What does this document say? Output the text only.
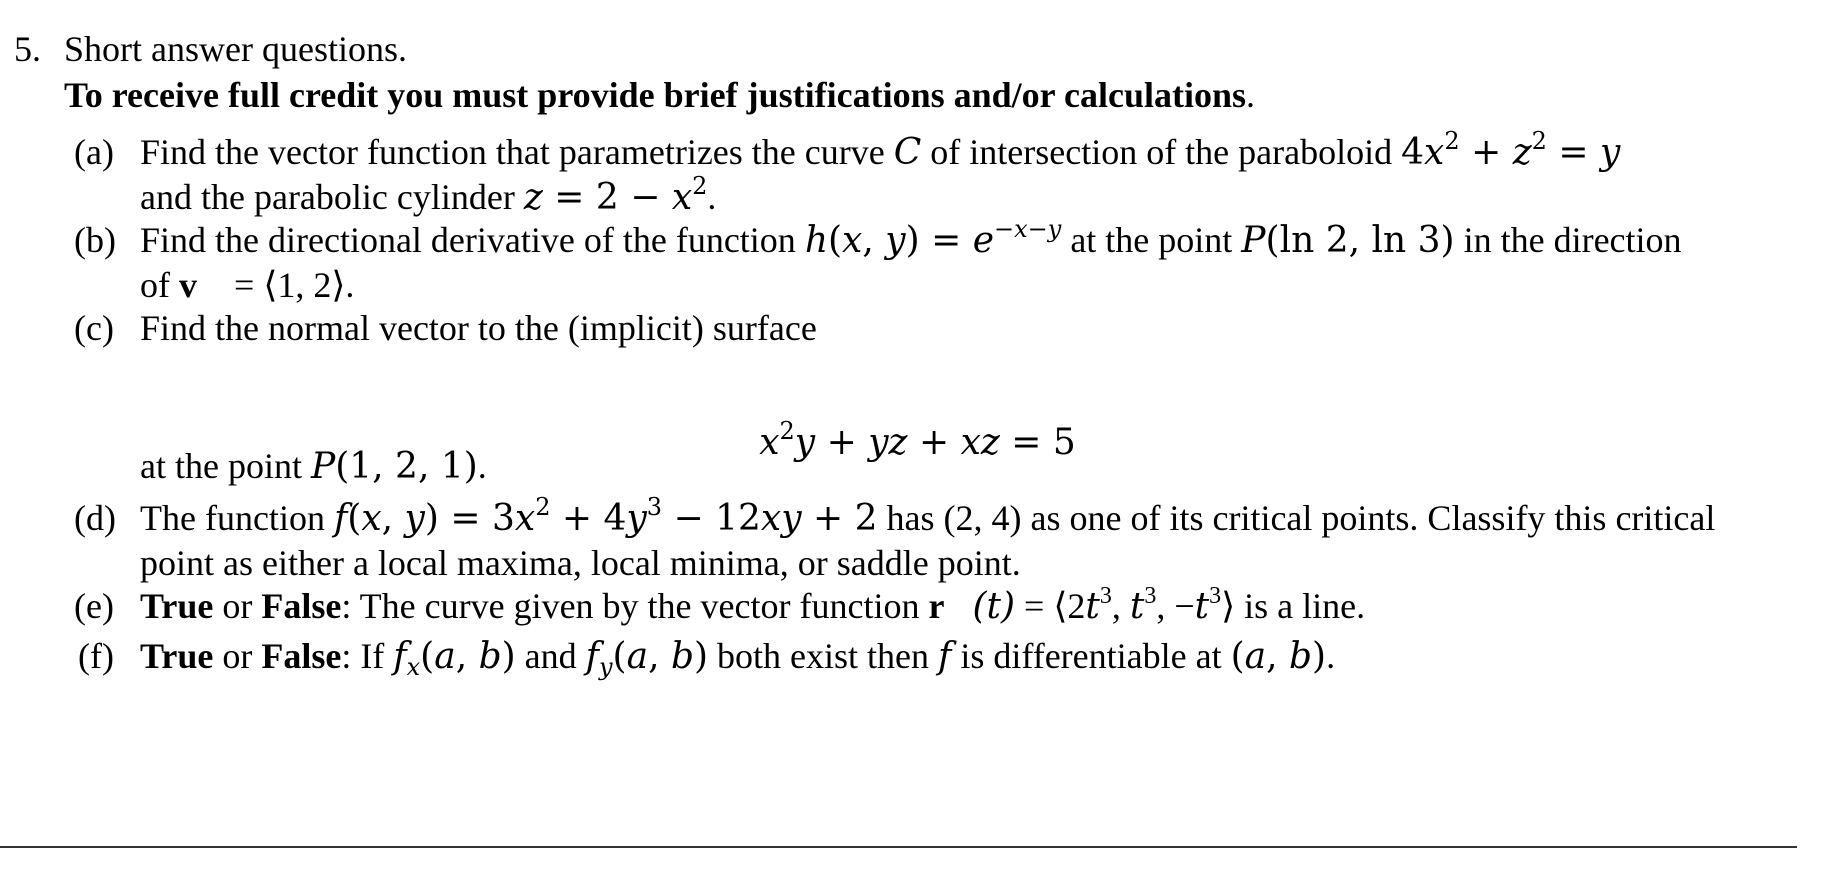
5. Short answer questions.
To receive full credit you must provide brief justifications and/or calculations.
(a) Find the vector function that parametrizes the curve C of intersection of the paraboloid $4x^2 + z^2 = y$
and the parabolic cylinder $z = 2 - x^2$.
(b) Find the directional derivative of the function h(x, $y) = e^{-x-y}$ at the point P(ln 2, ln 3) in the direction
of v⃗ = ⟨1, 2⟩.
(c) Find the normal vector to the (implicit) surface
$x^2y$ + yz + xz = 5
at the point P(1, 2, 1).
(d) The function f(x, $y) = 3x^2 + 4y^3 - 12xy + 2$ has (2, 4) as one of its critical points. Classify this critical
point as either a local maxima, local minima, or saddle point.
(e) True or False: The curve given by the vector function r⃗(t) = $⟨2t^3$, $t^3$, $-t^3⟩$ is a line.
(f) True or False: If $f_x(a$, b) and $f_y(a$, b) both exist then f is differentiable at (a, b).
